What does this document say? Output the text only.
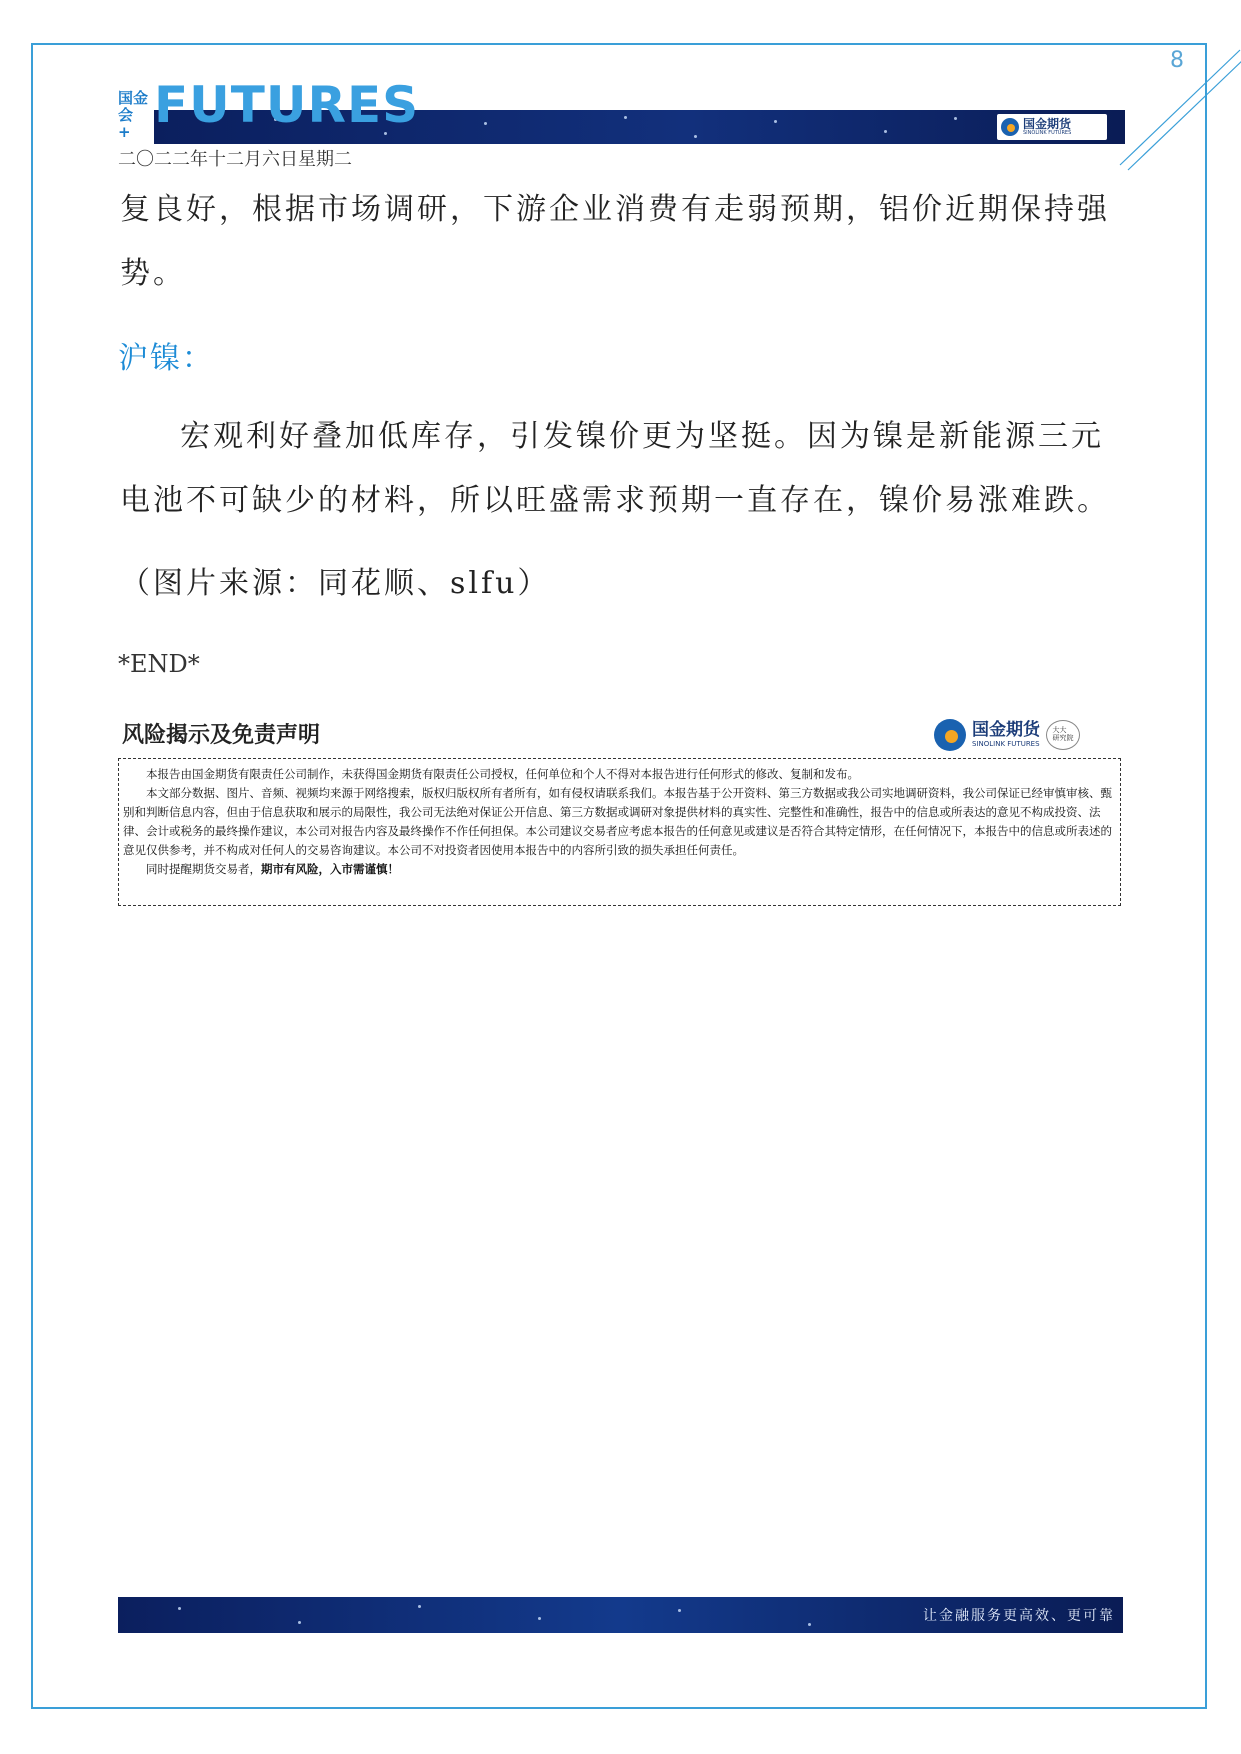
8
国金期货
SINOLINK FUTURES
国金
会 + FUTURES
二〇二二年十二月六日星期二
复良好，根据市场调研，下游企业消费有走弱预期，铝价近期保持强势。
沪镍：
宏观利好叠加低库存，引发镍价更为坚挺。因为镍是新能源三元电池不可缺少的材料，所以旺盛需求预期一直存在，镍价易涨难跌。
（图片来源：同花顺、slfu）
*END*
风险揭示及免责声明	国金期货
SINOLINK FUTURES
大大
研究院

本报告由国金期货有限责任公司制作，未获得国金期货有限责任公司授权，任何单位和个人不得对本报告进行任何形式的修改、复制和发布。

本文部分数据、图片、音频、视频均来源于网络搜索，版权归版权所有者所有，如有侵权请联系我们。本报告基于公开资料、第三方数据或我公司实地调研资料，我公司保证已经审慎审核、甄别和判断信息内容，但由于信息获取和展示的局限性，我公司无法绝对保证公开信息、第三方数据或调研对象提供材料的真实性、完整性和准确性，报告中的信息或所表达的意见不构成投资、法律、会计或税务的最终操作建议，本公司对报告内容及最终操作不作任何担保。本公司建议交易者应考虑本报告的任何意见或建议是否符合其特定情形，在任何情况下，本报告中的信息或所表述的意见仅供参考，并不构成对任何人的交易咨询建议。本公司不对投资者因使用本报告中的内容所引致的损失承担任何责任。

同时提醒期货交易者，期市有风险，入市需谨慎！

让金融服务更高效、更可靠
